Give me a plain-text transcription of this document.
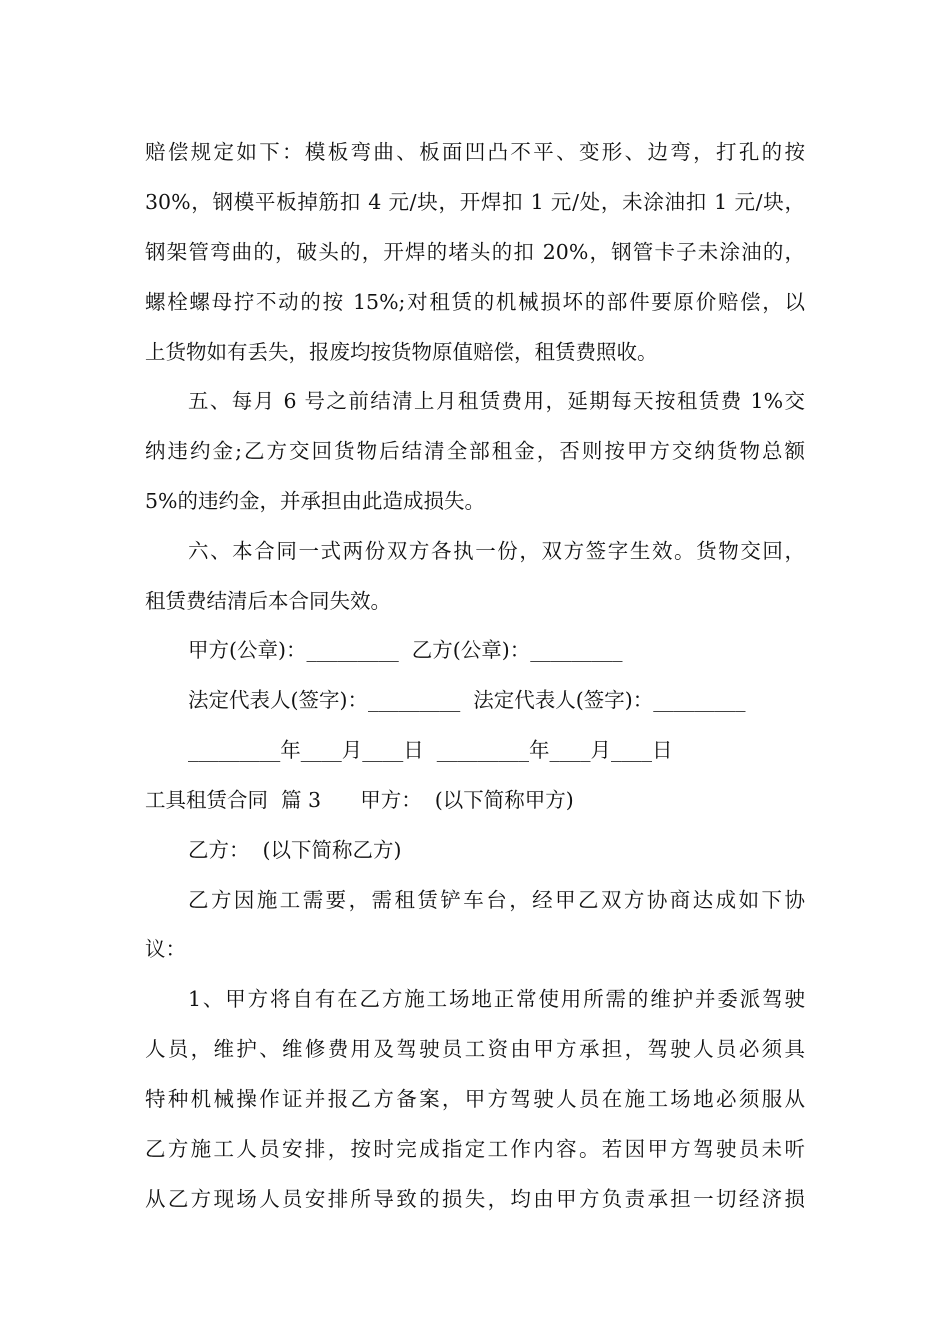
赔偿规定如下：模板弯曲、板面凹凸不平、变形、边弯，打孔的按
30%，钢模平板掉筋扣 4 元/块，开焊扣 1 元/处，未涂油扣 1 元/块，
钢架管弯曲的，破头的，开焊的堵头的扣 20%，钢管卡子未涂油的，
螺栓螺母拧不动的按 15%;对租赁的机械损坏的部件要原价赔偿，以
上货物如有丢失，报废均按货物原值赔偿，租赁费照收。
五、每月 6 号之前结清上月租赁费用，延期每天按租赁费 1%交
纳违约金;乙方交回货物后结清全部租金，否则按甲方交纳货物总额
5%的违约金，并承担由此造成损失。
六、本合同一式两份双方各执一份，双方签字生效。货物交回，
租赁费结清后本合同失效。
甲方(公章)：_________  乙方(公章)：_________
法定代表人(签字)：_________  法定代表人(签字)：_________
_________年____月____日  _________年____月____日
工具租赁合同  篇 3      甲方：  (以下简称甲方)
乙方：  (以下简称乙方)
乙方因施工需要，需租赁铲车台，经甲乙双方协商达成如下协
议：
1、甲方将自有在乙方施工场地正常使用所需的维护并委派驾驶
人员，维护、维修费用及驾驶员工资由甲方承担，驾驶人员必须具
特种机械操作证并报乙方备案，甲方驾驶人员在施工场地必须服从
乙方施工人员安排，按时完成指定工作内容。若因甲方驾驶员未听
从乙方现场人员安排所导致的损失，均由甲方负责承担一切经济损
